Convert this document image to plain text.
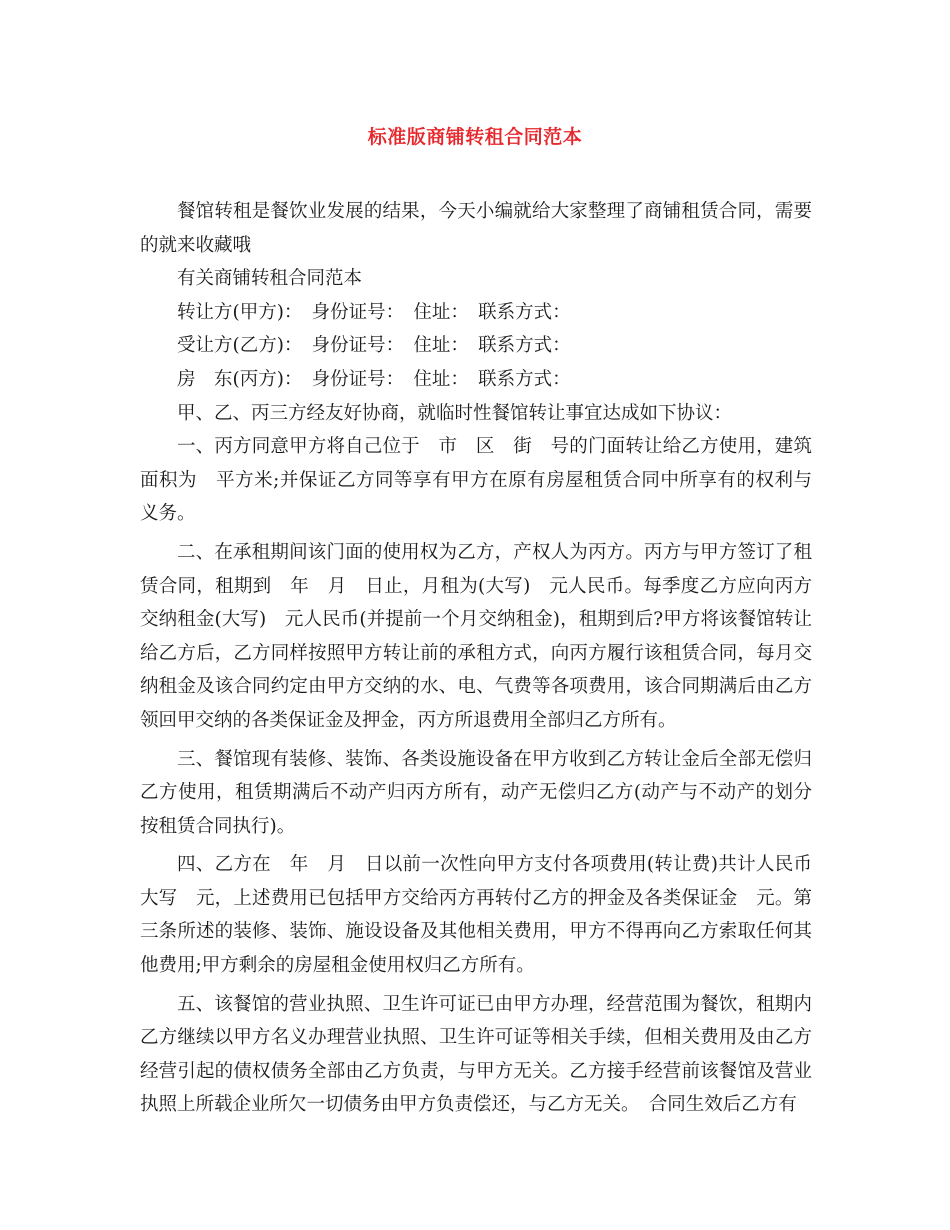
标准版商铺转租合同范本

餐馆转租是餐饮业发展的结果，今天小编就给大家整理了商铺租赁合同，需要的就来收藏哦

有关商铺转租合同范本

转让方(甲方)：　身份证号：　住址：　联系方式：

受让方(乙方)：　身份证号：　住址：　联系方式：

房　东(丙方)：　身份证号：　住址：　联系方式：

甲、乙、丙三方经友好协商，就临时性餐馆转让事宜达成如下协议：

一、丙方同意甲方将自己位于　市　区　街　号的门面转让给乙方使用，建筑面积为　平方米;并保证乙方同等享有甲方在原有房屋租赁合同中所享有的权利与义务。

二、在承租期间该门面的使用权为乙方，产权人为丙方。丙方与甲方签订了租赁合同，租期到　年　月　日止，月租为(大写)　元人民币。每季度乙方应向丙方交纳租金(大写)　元人民币(并提前一个月交纳租金)，租期到后?甲方将该餐馆转让给乙方后，乙方同样按照甲方转让前的承租方式，向丙方履行该租赁合同，每月交纳租金及该合同约定由甲方交纳的水、电、气费等各项费用，该合同期满后由乙方领回甲交纳的各类保证金及押金，丙方所退费用全部归乙方所有。

三、餐馆现有装修、装饰、各类设施设备在甲方收到乙方转让金后全部无偿归乙方使用，租赁期满后不动产归丙方所有，动产无偿归乙方(动产与不动产的划分按租赁合同执行)。

四、乙方在　年　月　日以前一次性向甲方支付各项费用(转让费)共计人民币大写　元，上述费用已包括甲方交给丙方再转付乙方的押金及各类保证金　元。第三条所述的装修、装饰、施设设备及其他相关费用，甲方不得再向乙方索取任何其他费用;甲方剩余的房屋租金使用权归乙方所有。

五、该餐馆的营业执照、卫生许可证已由甲方办理，经营范围为餐饮，租期内乙方继续以甲方名义办理营业执照、卫生许可证等相关手续，但相关费用及由乙方经营引起的债权债务全部由乙方负责，与甲方无关。乙方接手经营前该餐馆及营业执照上所载企业所欠一切债务由甲方负责偿还，与乙方无关。　合同生效后乙方有
